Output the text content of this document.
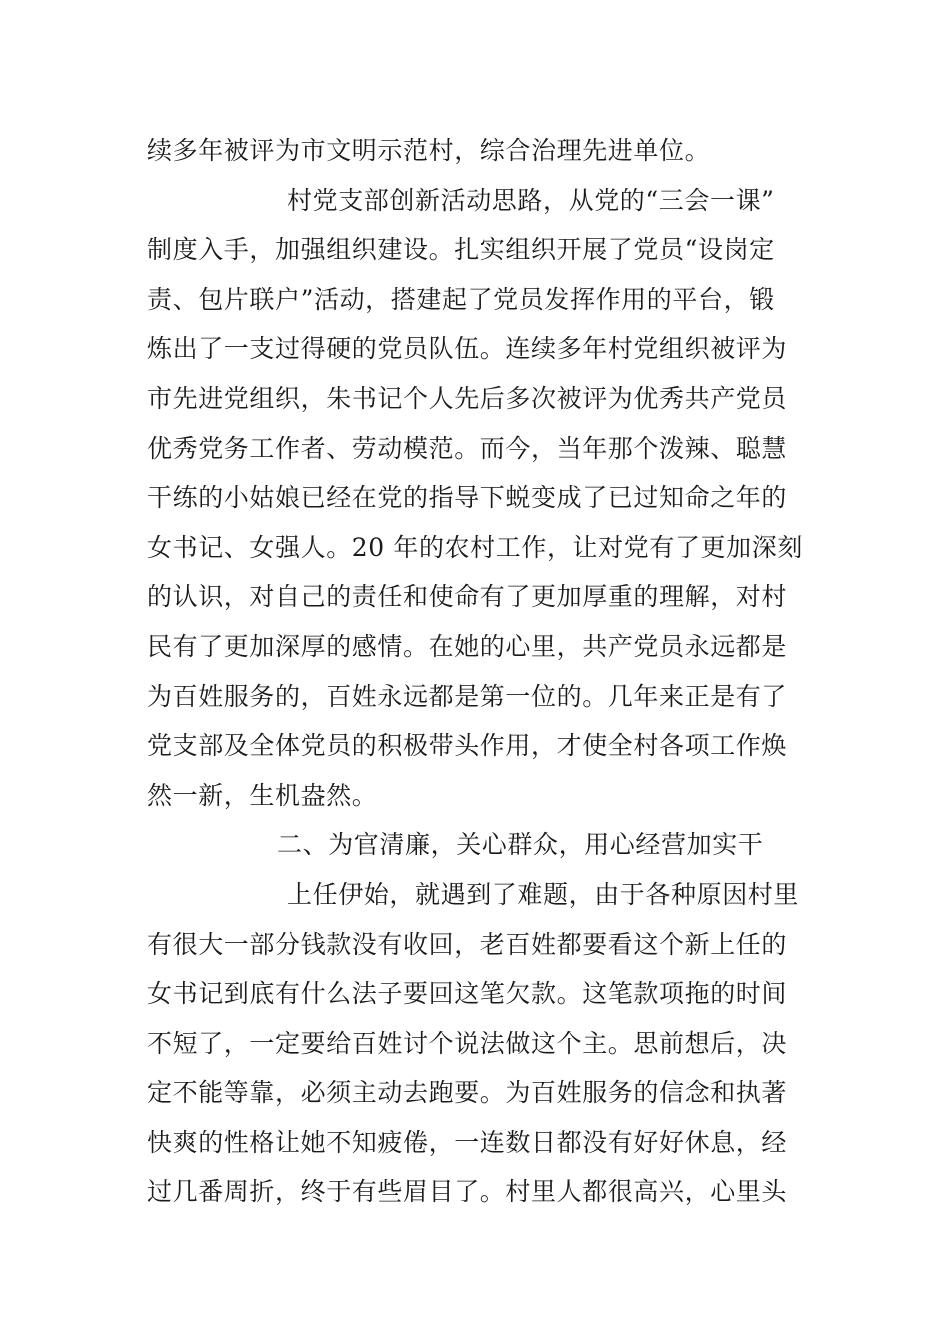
续多年被评为市文明示范村，综合治理先进单位。
村党支部创新活动思路，从党的“三会一课”
制度入手，加强组织建设。扎实组织开展了党员“设岗定
责、包片联户”活动，搭建起了党员发挥作用的平台，锻
炼出了一支过得硬的党员队伍。连续多年村党组织被评为
市先进党组织，朱书记个人先后多次被评为优秀共产党员
优秀党务工作者、劳动模范。而今，当年那个泼辣、聪慧
干练的小姑娘已经在党的指导下蜕变成了已过知命之年的
女书记、女强人。20 年的农村工作，让对党有了更加深刻
的认识，对自己的责任和使命有了更加厚重的理解，对村
民有了更加深厚的感情。在她的心里，共产党员永远都是
为百姓服务的，百姓永远都是第一位的。几年来正是有了
党支部及全体党员的积极带头作用，才使全村各项工作焕
然一新，生机盎然。
二、为官清廉，关心群众，用心经营加实干
上任伊始，就遇到了难题，由于各种原因村里
有很大一部分钱款没有收回，老百姓都要看这个新上任的
女书记到底有什么法子要回这笔欠款。这笔款项拖的时间
不短了，一定要给百姓讨个说法做这个主。思前想后，决
定不能等靠，必须主动去跑要。为百姓服务的信念和执著
快爽的性格让她不知疲倦，一连数日都没有好好休息，经
过几番周折，终于有些眉目了。村里人都很高兴，心里头
